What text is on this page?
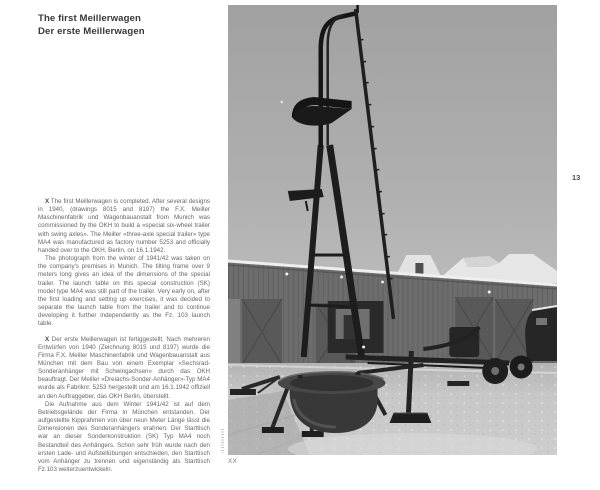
The first Meillerwagen
Der erste Meillerwagen

X The first Meillerwagen is completed. After several designs in 1940, (drawings 8015 and 8197) the F.X. Meiller Maschinenfabrik und Wagenbauanstalt from Munich was commissioned by the OKH to build a «special six-wheel trailer with swing axles». The Meiller «three-axle special trailer» type MA4 was manufactured as factory number 5253 and officially handed over to the OKH, Berlin, on 16.1.1942.

The photograph from the winter of 1941/42 was taken on the company's premises in Munich. The tilting frame over 9 meters long gives an idea of the dimensions of the special trailer. The launch table on this special construction (SK) model type MA4 was still part of the trailer. Very early on, after the first loading and setting up exercises, it was decided to separate the launch table from the trailer and to continue developing it further independently as the Fz. 103 launch table.

X Der erste Meillerwagen ist fertiggestellt. Nach mehreren Entwürfen von 1940 (Zeichnung 8015 und 8197) wurde die Firma F.X. Meiller Maschinenfabrik und Wagenbauanstalt aus München mit dem Bau von einem Exemplar «Sechsrad-Sonderanhänger mit Schwingachsen» durch das OKH beauftragt. Der Meiller «Dreiachs-Sonder-Anhänger»-Typ MA4 wurde als Fabriknr. 5253 hergestellt und am 16.1.1942 offiziell an den Auftraggeber, das OKH Berlin, überstellt.

Die Aufnahme aus dem Winter 1941/42 ist auf dem Betriebsgelände der Firma in München entstanden. Der aufgestellte Kipprahmen von über neun Meter Länge lässt die Dimensionen des Sonderanhängers erahnen. Der Starttisch war an dieser Sonderkonstruktion (SK) Typ MA4 noch Bestandteil des Anhängers. Schon sehr früh wurde nach den ersten Lade- und Aufstellübungen entschieden, den Starttisch vom Anhänger zu trennen und eigenständig als Starttisch Fz.103 weiterzuentwickeln.

13
XX
